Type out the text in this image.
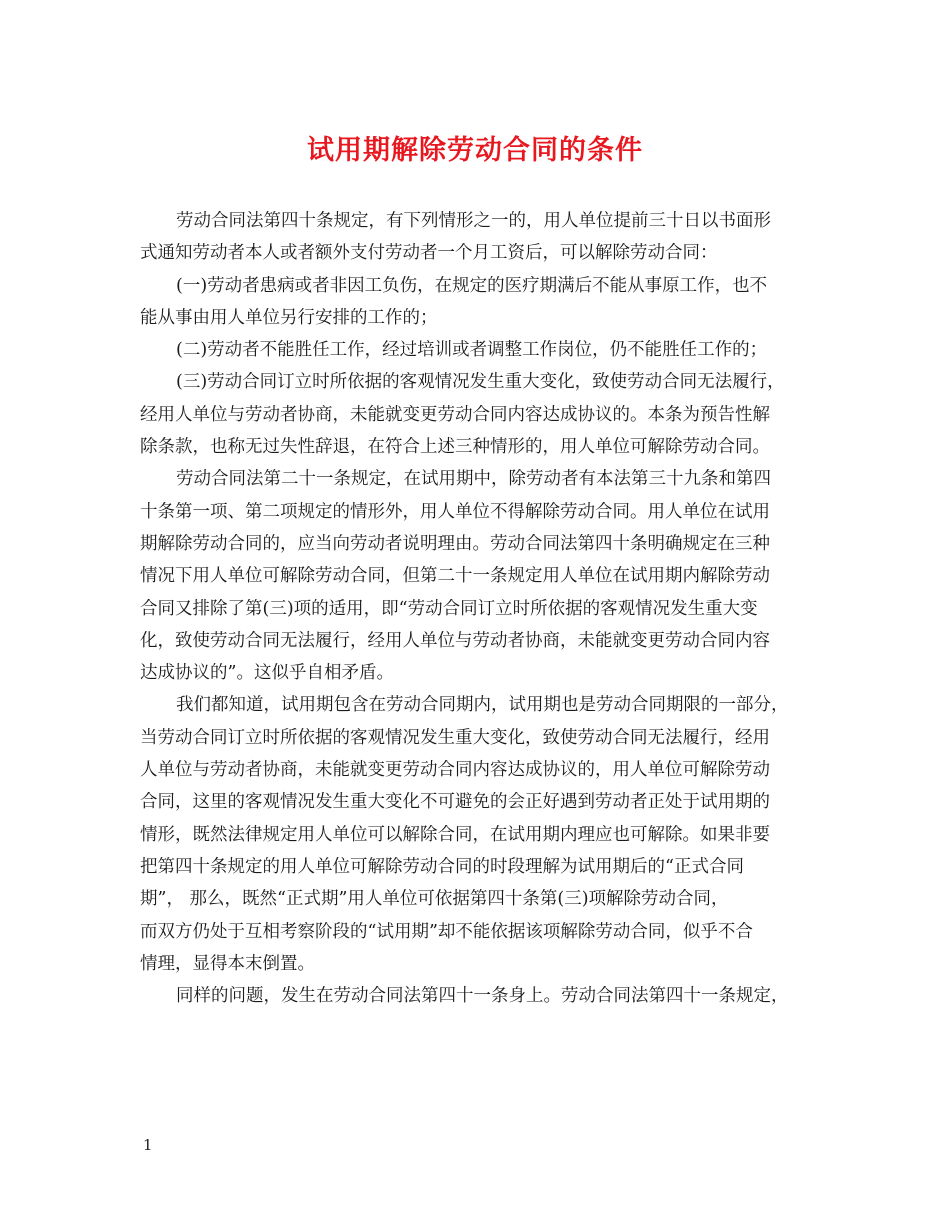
试用期解除劳动合同的条件
劳动合同法第四十条规定，有下列情形之一的，用人单位提前三十日以书面形
式通知劳动者本人或者额外支付劳动者一个月工资后，可以解除劳动合同：
(一)劳动者患病或者非因工负伤，在规定的医疗期满后不能从事原工作，也不
能从事由用人单位另行安排的工作的；
(二)劳动者不能胜任工作，经过培训或者调整工作岗位，仍不能胜任工作的；
(三)劳动合同订立时所依据的客观情况发生重大变化，致使劳动合同无法履行，
经用人单位与劳动者协商，未能就变更劳动合同内容达成协议的。本条为预告性解
除条款，也称无过失性辞退，在符合上述三种情形的，用人单位可解除劳动合同。
劳动合同法第二十一条规定，在试用期中，除劳动者有本法第三十九条和第四
十条第一项、第二项规定的情形外，用人单位不得解除劳动合同。用人单位在试用
期解除劳动合同的，应当向劳动者说明理由。劳动合同法第四十条明确规定在三种
情况下用人单位可解除劳动合同，但第二十一条规定用人单位在试用期内解除劳动
合同又排除了第(三)项的适用，即“劳动合同订立时所依据的客观情况发生重大变
化，致使劳动合同无法履行，经用人单位与劳动者协商，未能就变更劳动合同内容
达成协议的”。这似乎自相矛盾。
我们都知道，试用期包含在劳动合同期内，试用期也是劳动合同期限的一部分，
当劳动合同订立时所依据的客观情况发生重大变化，致使劳动合同无法履行，经用
人单位与劳动者协商，未能就变更劳动合同内容达成协议的，用人单位可解除劳动
合同，这里的客观情况发生重大变化不可避免的会正好遇到劳动者正处于试用期的
情形，既然法律规定用人单位可以解除合同，在试用期内理应也可解除。如果非要
把第四十条规定的用人单位可解除劳动合同的时段理解为试用期后的“正式合同
期”， 那么，既然“正式期”用人单位可依据第四十条第(三)项解除劳动合同，
而双方仍处于互相考察阶段的“试用期”却不能依据该项解除劳动合同，似乎不合
情理，显得本末倒置。
同样的问题，发生在劳动合同法第四十一条身上。劳动合同法第四十一条规定，
1
